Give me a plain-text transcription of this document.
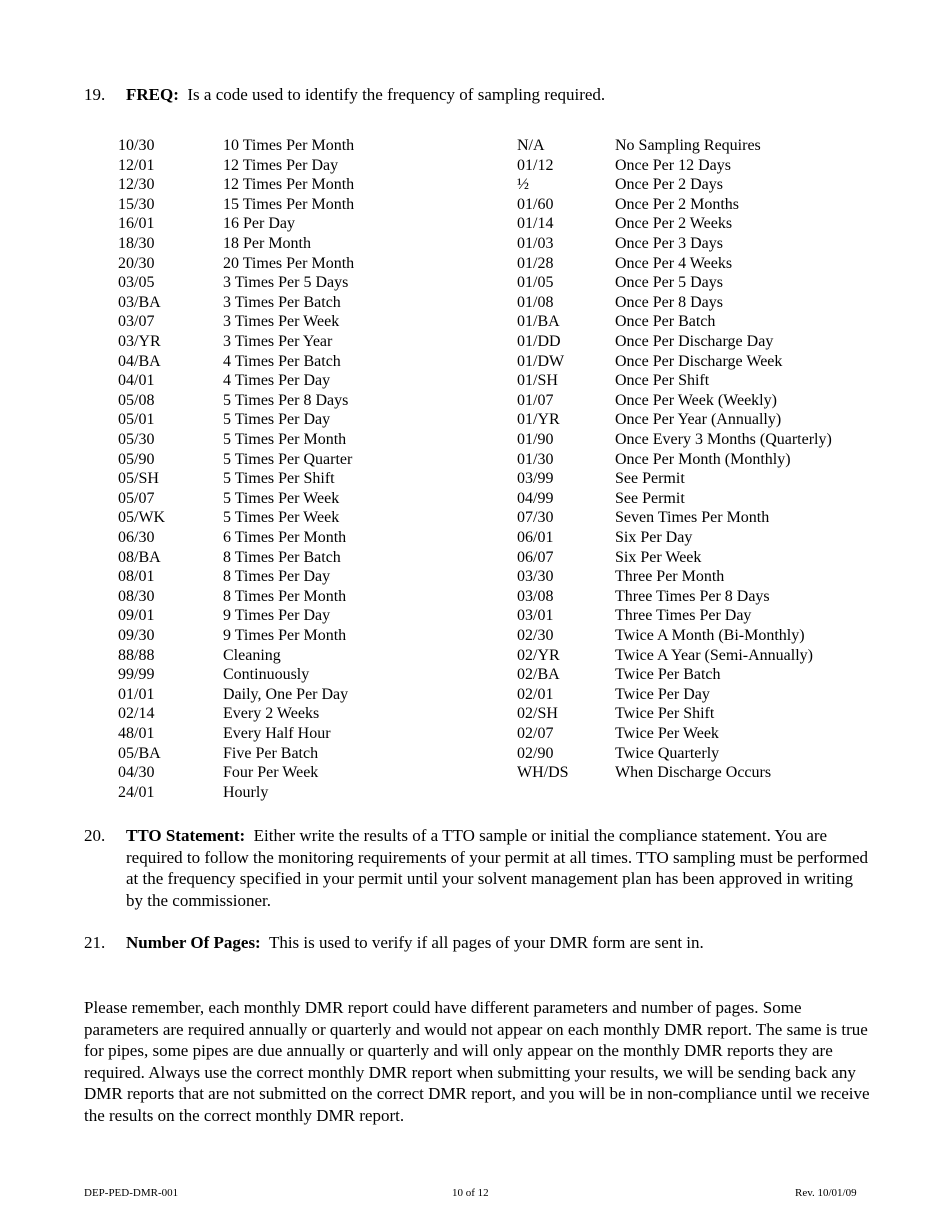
19.	FREQ: Is a code used to identify the frequency of sampling required.
10/30	10 Times Per Month
12/01	12 Times Per Day
12/30	12 Times Per Month
15/30	15 Times Per Month
16/01	16 Per Day
18/30	18 Per Month
20/30	20 Times Per Month
03/05	3 Times Per 5 Days
03/BA	3 Times Per Batch
03/07	3 Times Per Week
03/YR	3 Times Per Year
04/BA	4 Times Per Batch
04/01	4 Times Per Day
05/08	5 Times Per 8 Days
05/01	5 Times Per Day
05/30	5 Times Per Month
05/90	5 Times Per Quarter
05/SH	5 Times Per Shift
05/07	5 Times Per Week
05/WK	5 Times Per Week
06/30	6 Times Per Month
08/BA	8 Times Per Batch
08/01	8 Times Per Day
08/30	8 Times Per Month
09/01	9 Times Per Day
09/30	9 Times Per Month
88/88	Cleaning
99/99	Continuously
01/01	Daily, One Per Day
02/14	Every 2 Weeks
48/01	Every Half Hour
05/BA	Five Per Batch
04/30	Four Per Week
24/01	Hourly
N/A	No Sampling Requires
01/12	Once Per 12 Days
½	Once Per 2 Days
01/60	Once Per 2 Months
01/14	Once Per 2 Weeks
01/03	Once Per 3 Days
01/28	Once Per 4 Weeks
01/05	Once Per 5 Days
01/08	Once Per 8 Days
01/BA	Once Per Batch
01/DD	Once Per Discharge Day
01/DW	Once Per Discharge Week
01/SH	Once Per Shift
01/07	Once Per Week (Weekly)
01/YR	Once Per Year (Annually)
01/90	Once Every 3 Months (Quarterly)
01/30	Once Per Month (Monthly)
03/99	See Permit
04/99	See Permit
07/30	Seven Times Per Month
06/01	Six Per Day
06/07	Six Per Week
03/30	Three Per Month
03/08	Three Times Per 8 Days
03/01	Three Times Per Day
02/30	Twice A Month (Bi-Monthly)
02/YR	Twice A Year (Semi-Annually)
02/BA	Twice Per Batch
02/01	Twice Per Day
02/SH	Twice Per Shift
02/07	Twice Per Week
02/90	Twice Quarterly
WH/DS	When Discharge Occurs
20.	TTO Statement: Either write the results of a TTO sample or initial the compliance statement. You are required to follow the monitoring requirements of your permit at all times. TTO sampling must be performed at the frequency specified in your permit until your solvent management plan has been approved in writing by the commissioner.
21.	Number Of Pages: This is used to verify if all pages of your DMR form are sent in.
Please remember, each monthly DMR report could have different parameters and number of pages. Some parameters are required annually or quarterly and would not appear on each monthly DMR report. The same is true for pipes, some pipes are due annually or quarterly and will only appear on the monthly DMR reports they are required. Always use the correct monthly DMR report when submitting your results, we will be sending back any DMR reports that are not submitted on the correct DMR report, and you will be in non-compliance until we receive the results on the correct monthly DMR report.
DEP-PED-DMR-001	10 of 12	Rev. 10/01/09
